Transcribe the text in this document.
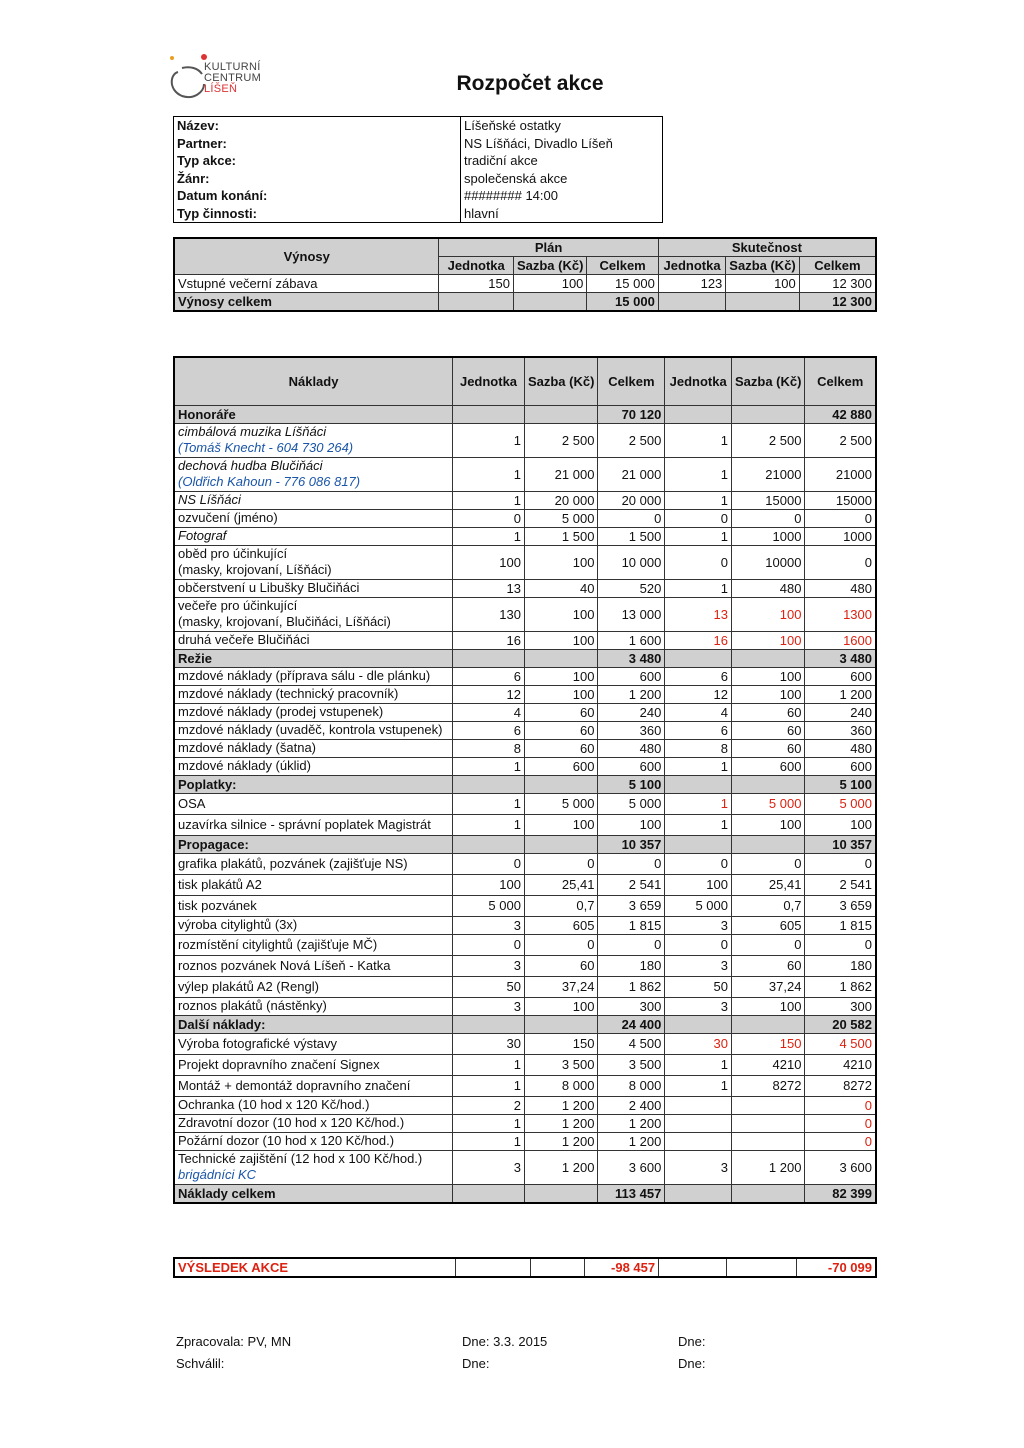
KULTURNÍ
CENTRUM
LÍŠEŇ	Rozpočet akce
Název:	Líšeňské ostatky
Partner:	NS Líšňáci, Divadlo Líšeň
Typ akce:	tradiční akce
Žánr:	společenská akce
Datum konání:	######## 14:00
Typ činnosti:	hlavní
Výnosy	Plán			Skutečnost		
	Jednotka	Sazba (Kč)	Celkem	Jednotka	Sazba (Kč)	Celkem
Vstupné večerní zábava	150	100	15 000	123	100	12 300
Výnosy celkem			15 000			12 300
Náklady	Jednotka	Sazba (Kč)	Celkem	Jednotka	Sazba (Kč)	Celkem
Honoráře			70 120			42 880

cimbálová muzika Líšňáci
(Tomáš Knecht - 604 730 264)	1	2 500	2 500	1	2 500	2 500

dechová hudba Blučiňáci
(Oldřich Kahoun - 776 086 817)	1	21 000	21 000	1	21000	21000

NS Líšňáci	1	20 000	20 000	1	15000	15000

ozvučení (jméno)	0	5 000	0	0	0	0

Fotograf	1	1 500	1 500	1	1000	1000

oběd pro účinkující
(masky, krojovaní, Líšňáci)	100	100	10 000	0	10000	0

občerstvení u Libušky Blučiňáci	13	40	520	1	480	480

večeře pro účinkující
(masky, krojovaní, Blučiňáci, Líšňáci)	130	100	13 000	13	100	1300

druhá večeře Blučiňáci	16	100	1 600	16	100	1600
Režie			3 480			3 480

mzdové náklady (příprava sálu - dle plánku)	6	100	600	6	100	600

mzdové náklady (technický pracovník)	12	100	1 200	12	100	1 200

mzdové náklady (prodej vstupenek)	4	60	240	4	60	240

mzdové náklady (uvaděč, kontrola vstupenek)	6	60	360	6	60	360

mzdové náklady (šatna)	8	60	480	8	60	480

mzdové náklady (úklid)	1	600	600	1	600	600
Poplatky:			5 100			5 100

OSA	1	5 000	5 000	1	5 000	5 000

uzavírka silnice - správní poplatek Magistrát	1	100	100	1	100	100
Propagace:			10 357			10 357

grafika plakátů, pozvánek (zajišťuje NS)	0	0	0	0	0	0

tisk plakátů A2	100	25,41	2 541	100	25,41	2 541

tisk pozvánek	5 000	0,7	3 659	5 000	0,7	3 659

výroba citylightů (3x)	3	605	1 815	3	605	1 815

rozmístění citylightů (zajišťuje MČ)	0	0	0	0	0	0

roznos pozvánek Nová Líšeň - Katka	3	60	180	3	60	180

výlep plakátů A2 (Rengl)	50	37,24	1 862	50	37,24	1 862

roznos plakátů (nástěnky)	3	100	300	3	100	300
Další náklady:			24 400			20 582

Výroba fotografické výstavy	30	150	4 500	30	150	4 500

Projekt dopravního značení Signex	1	3 500	3 500	1	4210	4210

Montáž + demontáž dopravního značení	1	8 000	8 000	1	8272	8272

Ochranka (10 hod x 120 Kč/hod.)	2	1 200	2 400			0

Zdravotní dozor (10 hod x 120 Kč/hod.)	1	1 200	1 200			0

Požární dozor (10 hod x 120 Kč/hod.)	1	1 200	1 200			0

Technické zajištění (12 hod x 100 Kč/hod.)
brigádníci KC	3	1 200	3 600	3	1 200	3 600
Náklady celkem			113 457			82 399
VÝSLEDEK AKCE			-98 457			-70 099
Zpracovala: PV, MN	Dne: 3.3. 2015	Dne:
Schválil:	Dne:	Dne:
